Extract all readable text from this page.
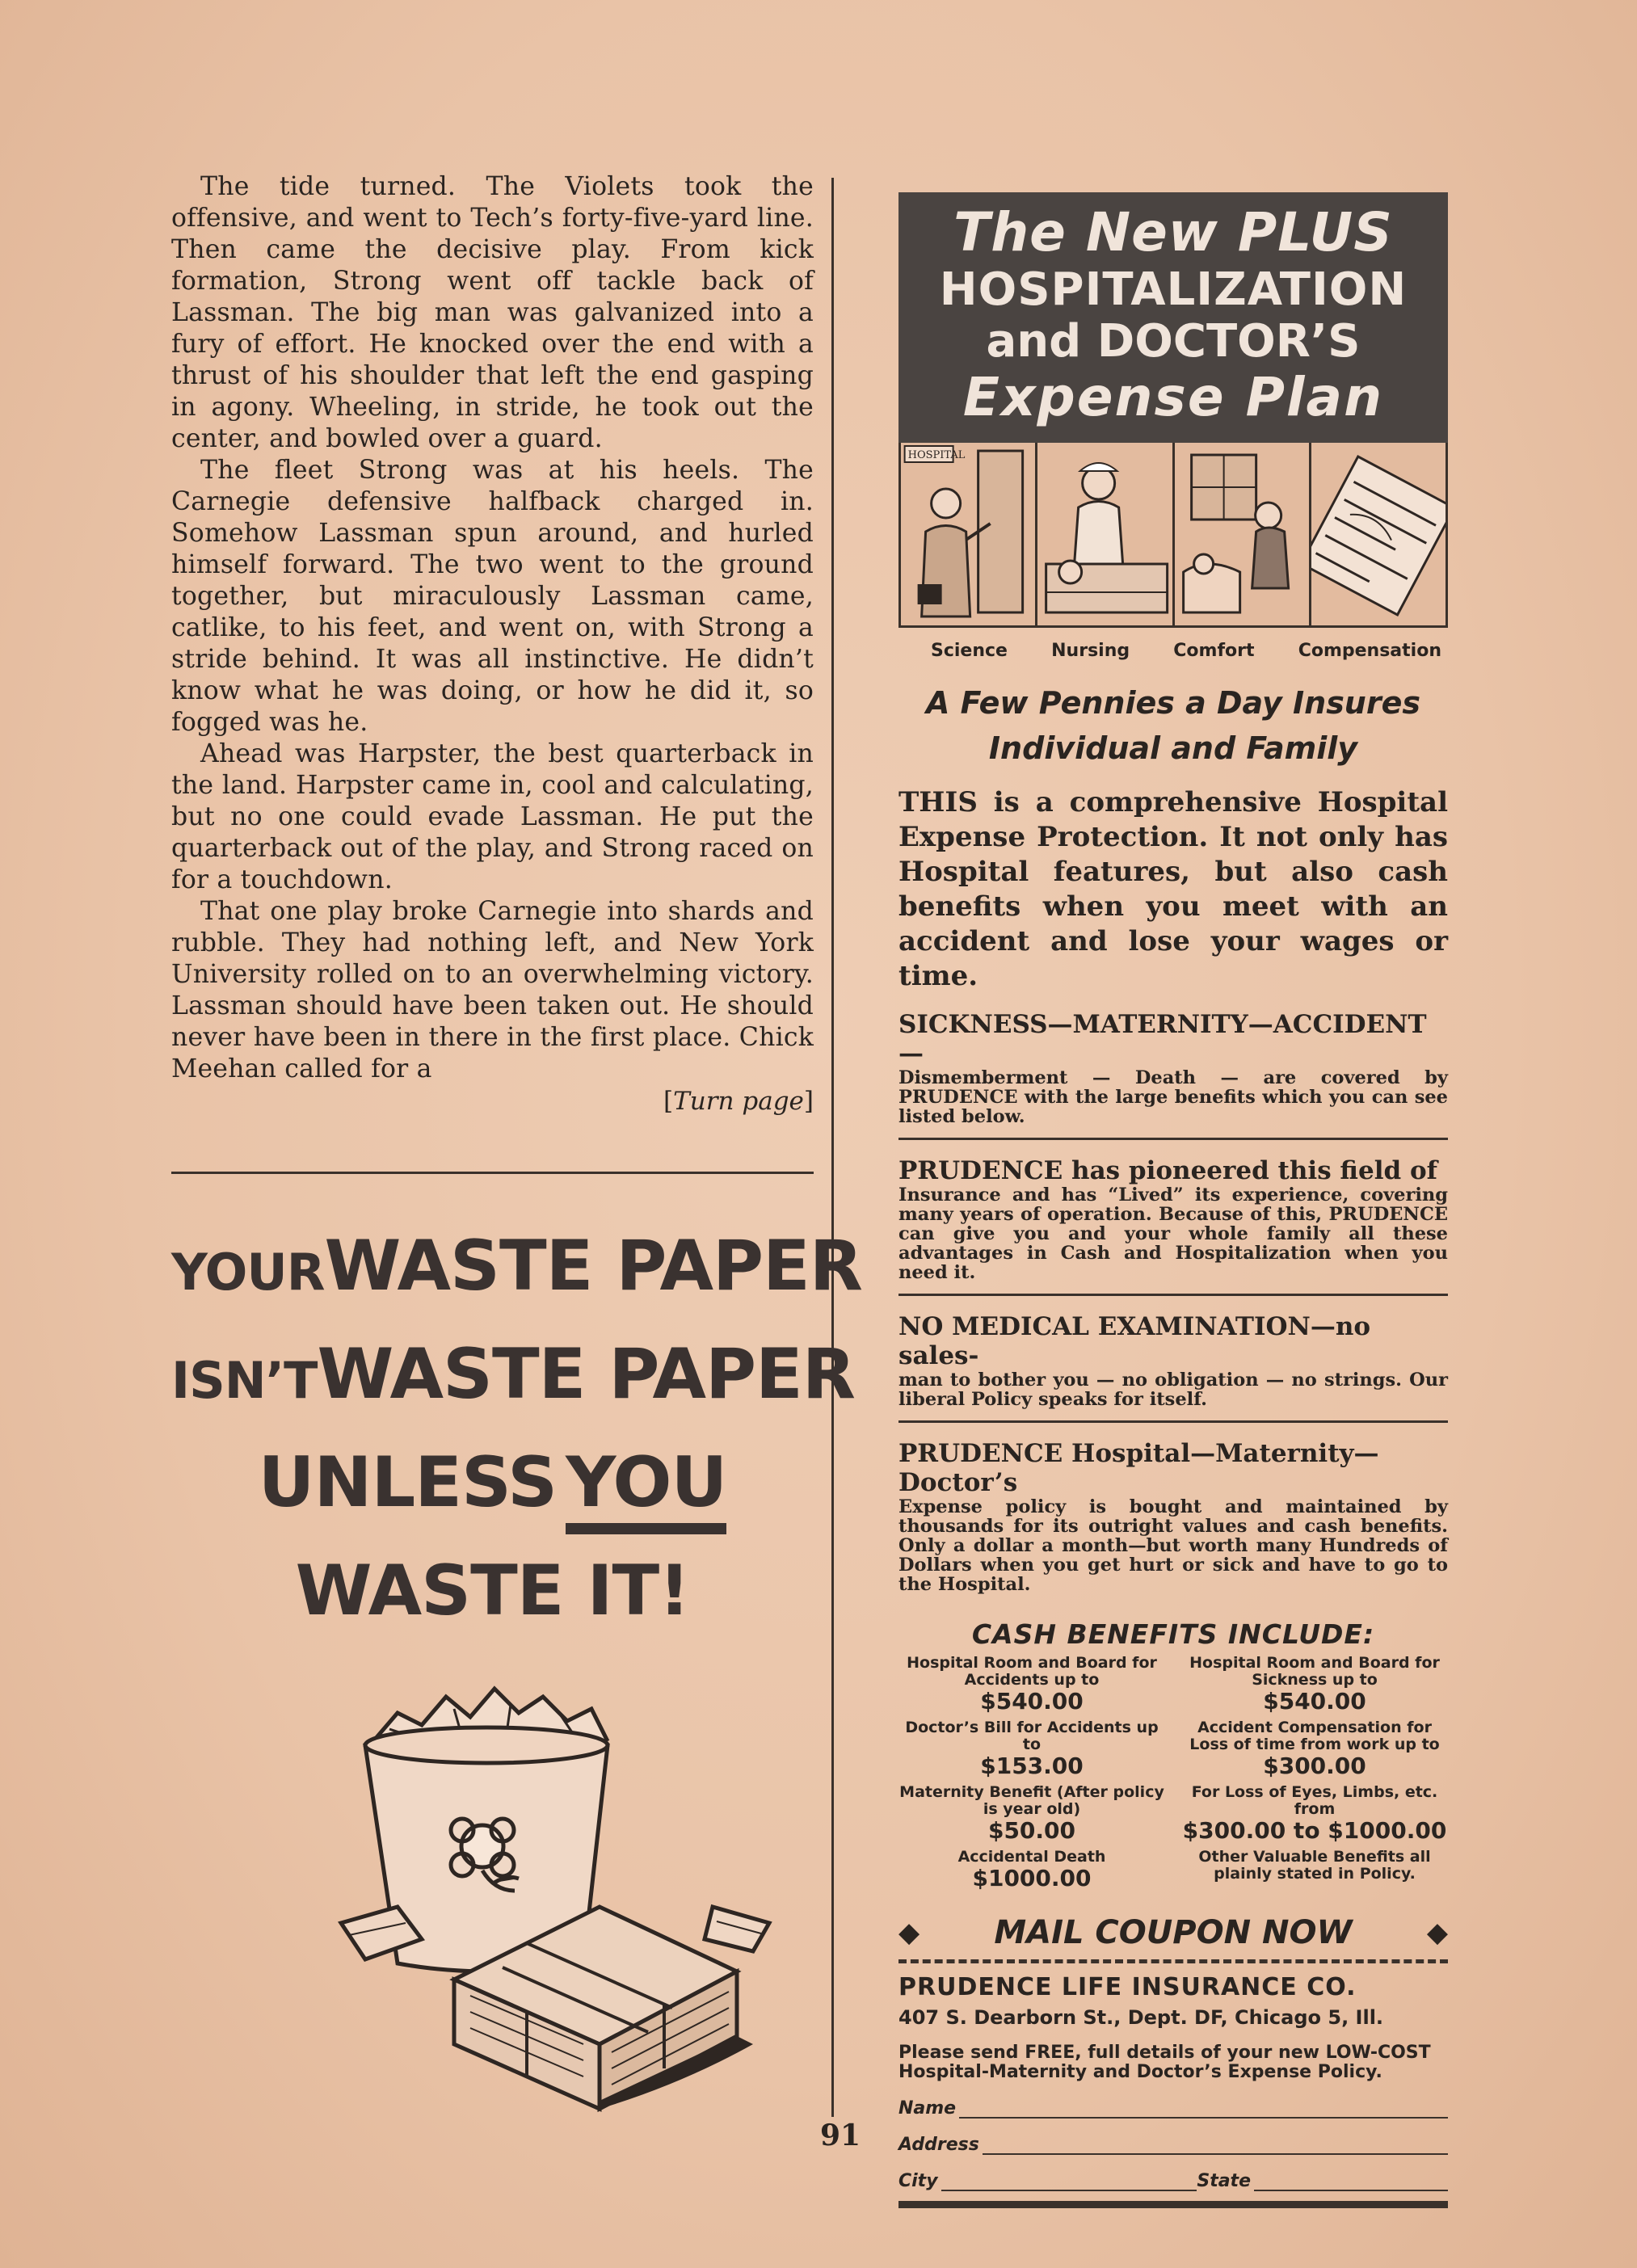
The tide turned. The Violets took the offensive, and went to Tech’s forty-five-yard line. Then came the decisive play. From kick formation, Strong went off tackle back of Lassman. The big man was galvanized into a fury of effort. He knocked over the end with a thrust of his shoulder that left the end gasping in agony. Wheeling, in stride, he took out the center, and bowled over a guard.

The fleet Strong was at his heels. The Carnegie defensive halfback charged in. Somehow Lassman spun around, and hurled himself forward. The two went to the ground together, but miraculously Lassman came, catlike, to his feet, and went on, with Strong a stride behind. It was all instinctive. He didn’t know what he was doing, or how he did it, so fogged was he.

Ahead was Harpster, the best quarterback in the land. Harpster came in, cool and calculating, but no one could evade Lassman. He put the quarterback out of the play, and Strong raced on for a touchdown.

That one play broke Carnegie into shards and rubble. They had nothing left, and New York University rolled on to an overwhelming victory. Lassman should have been taken out. He should never have been in there in the first place. Chick Meehan called for a

[Turn page]
YOURWASTE PAPER
ISN’TWASTE PAPER
UNLESS YOU
WASTE IT!
91
The New PLUS
HOSPITALIZATION
and DOCTOR’S
Expense Plan
HOSPITAL
Science Nursing Comfort Compensation
A Few Pennies a Day Insures
Individual and Family

THIS is a comprehensive Hospital Expense Protection. It not only has Hospital features, but also cash benefits when you meet with an accident and lose your wages or time.

SICKNESS—MATERNITY—ACCIDENT—
Dismemberment — Death — are covered by PRUDENCE with the large benefits which you can see listed below.
PRUDENCE has pioneered this field of
Insurance and has “Lived” its experience, covering many years of operation. Because of this, PRUDENCE can give you and your whole family all these advantages in Cash and Hospitalization when you need it.
NO MEDICAL EXAMINATION—no sales-
man to bother you — no obligation — no strings. Our liberal Policy speaks for itself.
PRUDENCE Hospital—Maternity—Doctor’s
Expense policy is bought and maintained by thousands for its outright values and cash benefits. Only a dollar a month—but worth many Hundreds of Dollars when you get hurt or sick and have to go to the Hospital.
CASH BENEFITS INCLUDE:
Hospital Room and Board for Accidents up to
$540.00
Doctor’s Bill for Accidents up to
$153.00
Maternity Benefit (After policy is year old)
$50.00
Accidental Death
$1000.00
Hospital Room and Board for Sickness up to
$540.00
Accident Compensation for Loss of time from work up to
$300.00
For Loss of Eyes, Limbs, etc. from
$300.00 to $1000.00
Other Valuable Benefits all plainly stated in Policy.
◆ MAIL COUPON NOW	◆
PRUDENCE LIFE INSURANCE CO.
407 S. Dearborn St., Dept. DF, Chicago 5, Ill.
Please send FREE, full details of your new LOW-COST Hospital-Maternity and Doctor’s Expense Policy.
Name
Address
City	State
